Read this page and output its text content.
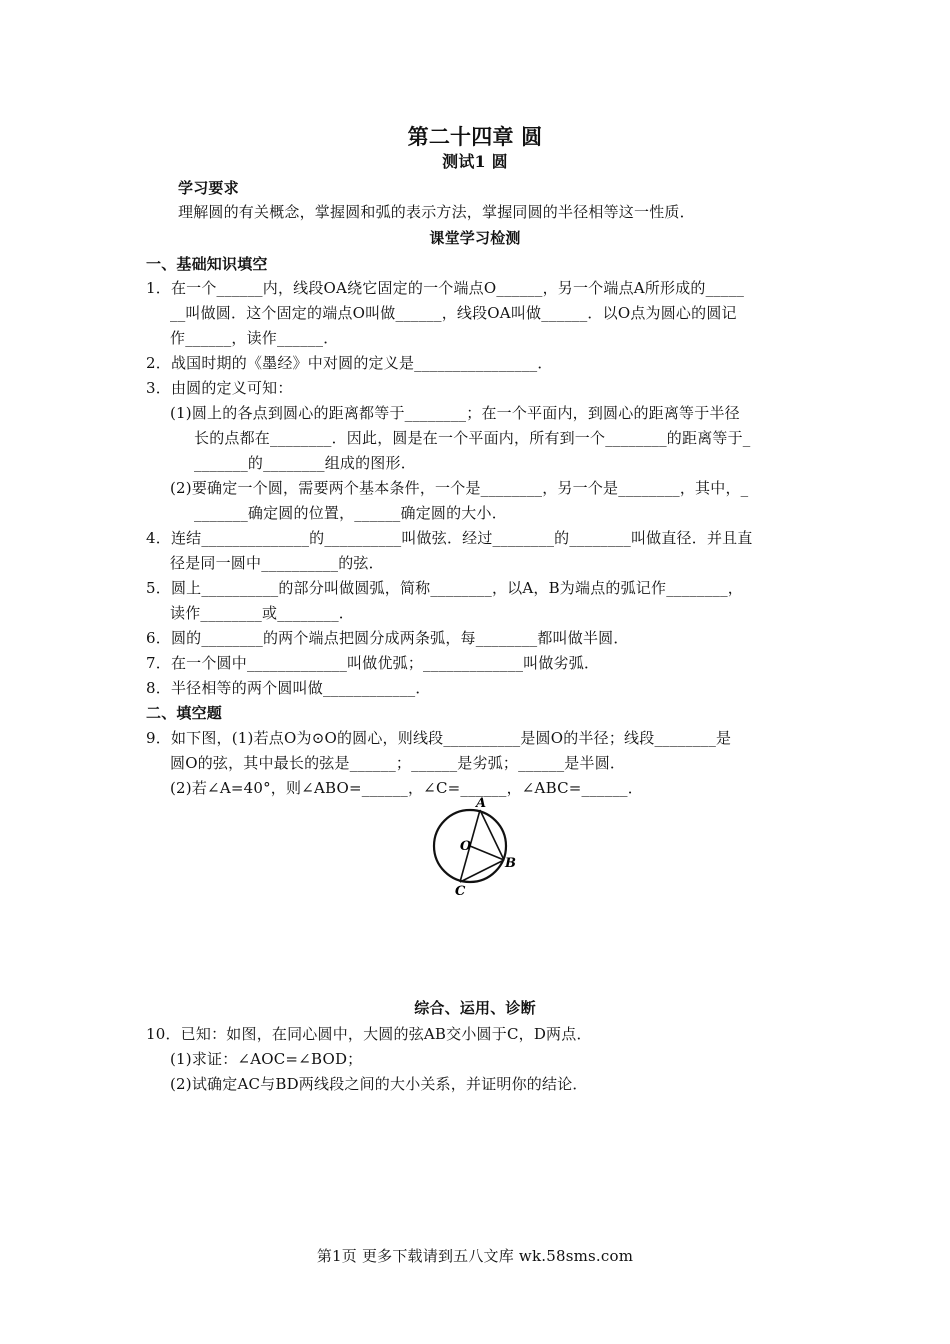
第二十四章 圆
测试1 圆
学习要求
理解圆的有关概念，掌握圆和弧的表示方法，掌握同圆的半径相等这一性质．
课堂学习检测
一、基础知识填空
1．在一个______内，线段OA绕它固定的一个端点O______，另一个端点A所形成的_____
__叫做圆．这个固定的端点O叫做______，线段OA叫做______．以O点为圆心的圆记
作______，读作______．
2．战国时期的《墨经》中对圆的定义是________________．
3．由圆的定义可知：
(1)圆上的各点到圆心的距离都等于________；在一个平面内，到圆心的距离等于半径
长的点都在________．因此，圆是在一个平面内，所有到一个________的距离等于_
_______的________组成的图形．
(2)要确定一个圆，需要两个基本条件，一个是________，另一个是________，其中，_
_______确定圆的位置，______确定圆的大小．
4．连结______________的__________叫做弦．经过________的________叫做直径．并且直
径是同一圆中__________的弦．
5．圆上__________的部分叫做圆弧，简称________，以A，B为端点的弧记作________，
读作________或________．
6．圆的________的两个端点把圆分成两条弧，每________都叫做半圆．
7．在一个圆中_____________叫做优弧；_____________叫做劣弧．
8．半径相等的两个圆叫做____________．
二、填空题
9．如下图，(1)若点O为⊙O的圆心，则线段__________是圆O的半径；线段________是
圆O的弦，其中最长的弦是______；______是劣弧；______是半圆．
(2)若∠A=40°，则∠ABO=______，∠C=______，∠ABC=______．
A
O
B
C
综合、运用、诊断
10．已知：如图，在同心圆中，大圆的弦AB交小圆于C，D两点．
(1)求证：∠AOC=∠BOD；
(2)试确定AC与BD两线段之间的大小关系，并证明你的结论．
第1页 更多下载请到五八文库 wk.58sms.com
